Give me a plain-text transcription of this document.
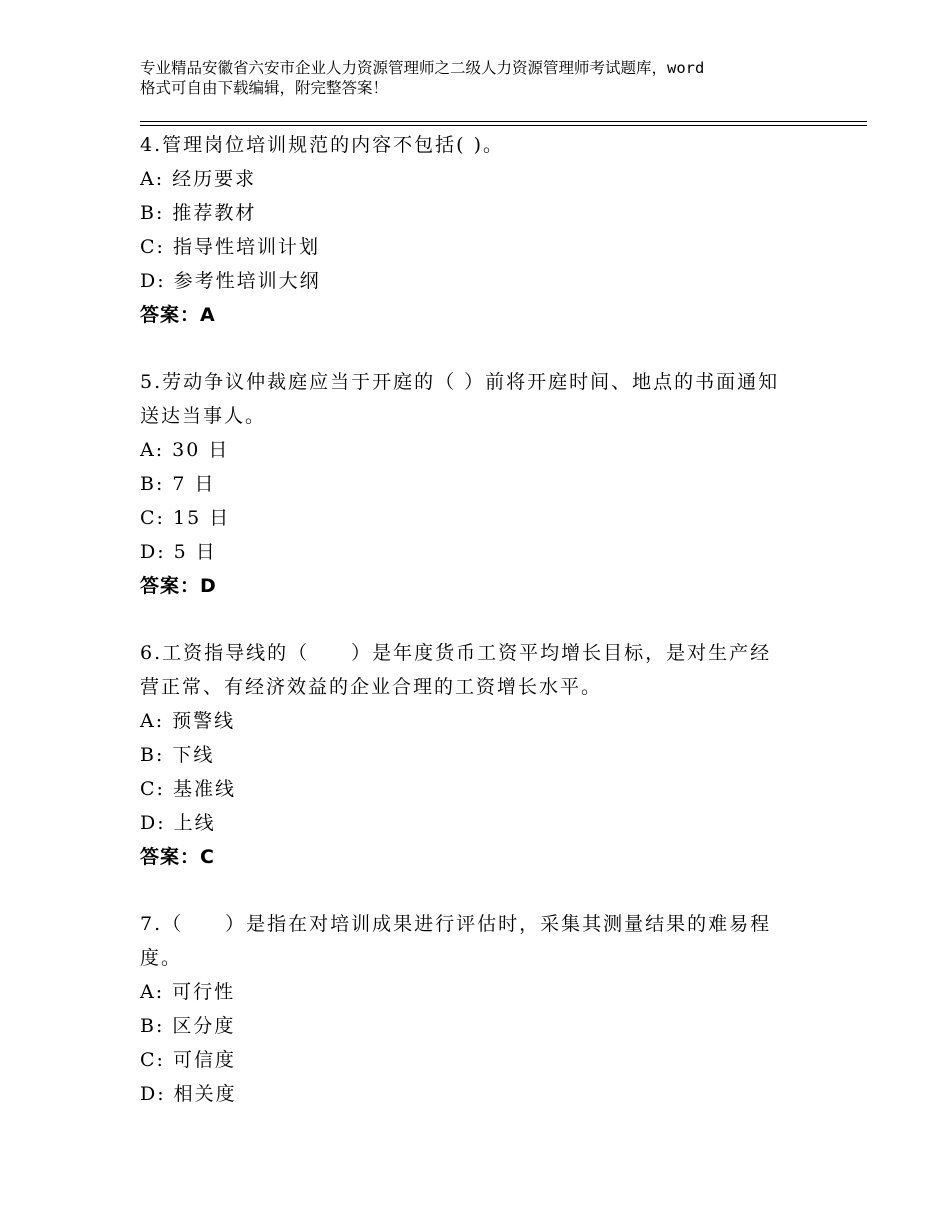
专业精品安徽省六安市企业人力资源管理师之二级人力资源管理师考试题库，word
格式可自由下载编辑，附完整答案！
4.管理岗位培训规范的内容不包括( )。
A: 经历要求
B: 推荐教材
C: 指导性培训计划
D: 参考性培训大纲
答案：A
5.劳动争议仲裁庭应当于开庭的（ ）前将开庭时间、地点的书面通知
送达当事人。
A: 30 日
B: 7 日
C: 15 日
D: 5 日
答案：D
6.工资指导线的（　　）是年度货币工资平均增长目标，是对生产经
营正常、有经济效益的企业合理的工资增长水平。
A: 预警线
B: 下线
C: 基准线
D: 上线
答案：C
7.（　　）是指在对培训成果进行评估时，采集其测量结果的难易程
度。
A: 可行性
B: 区分度
C: 可信度
D: 相关度
